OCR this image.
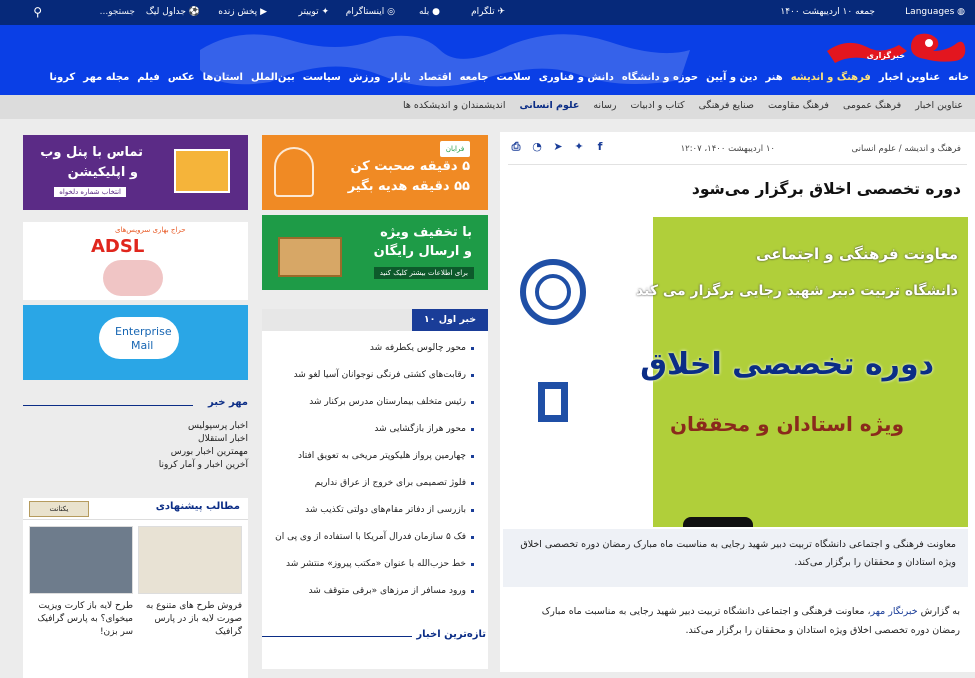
◍ Languages
جمعه ۱۰ اردیبهشت ۱۴۰۰
✈ تلگرام
● بله
◎ اینستاگرام
✦ توییتر
▶ پخش زنده
⚽ جداول لیگ
جستجو...
⚲
خبرگزاری
خانهعناوین اخبارفرهنگ و اندیشههنردین و آیینحوزه و دانشگاهدانش و فناوریسلامتجامعهاقتصادبازارورزشسیاستبین‌المللاستان‌هاعکسفیلممجله مهرکرونا
عناوین اخبارفرهنگ عمومیفرهنگ مقاومتصنایع فرهنگیکتاب و ادبیاترسانهعلوم انسانیاندیشمندان و اندیشکده ها
فرهنگ و اندیشه / علوم انسانی
۱۰ اردیبهشت ۱۴۰۰، ۱۲:۰۷
⎙ ◔ ➤ ✦	f
دوره تخصصی اخلاق برگزار می‌شود
معاونت فرهنگی و اجتماعی
دانشگاه تربیت دبیر شهید رجایی برگزار می کند
دوره تخصصی اخلاق
ویژه استادان و محققان
معاونت فرهنگی و اجتماعی دانشگاه تربیت دبیر شهید رجایی به مناسبت ماه مبارک رمضان دوره تخصصی اخلاق ویژه استادان و محققان را برگزار می‌کند.
به گزارش خبرنگار مهر، معاونت فرهنگی و اجتماعی دانشگاه تربیت دبیر شهید رجایی به مناسبت ماه مبارک رمضان دوره تخصصی اخلاق ویژه استادان و محققان را برگزار می‌کند.
فرابان
۵ دقیقه صحبت کن
۵۵ دقیقه هدیه بگیر
با تخفیف ویژه
و ارسال رایگان
برای اطلاعات بیشتر کلیک کنید
۱۰ خبر اول
محور چالوس یکطرفه شد
رقابت‌های کشتی فرنگی نوجوانان آسیا لغو شد
رئیس متخلف بیمارستان مدرس برکنار شد
محور هراز بازگشایی شد
چهارمین پرواز هلیکوپتر مریخی به تعویق افتاد
فلوژ تصمیمی برای خروج از عراق نداریم
بازرسی از دفاتر مقام‌های دولتی تکذیب شد
فک ۵ سازمان فدرال آمریکا با استفاده از وی پی ان
خط حزب‌الله با عنوان «مکتب پیروز» منتشر شد
ورود مسافر از مرزهای «برقی متوقف شد
تازه‌ترین اخبار
تماس با پنل وب
و اپلیکیشن
انتخاب شماره دلخواه
حراج بهاری سرویس‌های
ADSL
Enterprise
Mail
مهر خبر
اخبار پرسپولیس
اخبار استقلال
مهمترین اخبار بورس
آخرین اخبار و آمار کرونا
مطالب پیشنهادی
یکتانت
فروش طرح های متنوع به صورت لایه باز در پارس گرافیک
طرح لایه باز کارت ویزیت میخوای؟ به پارس گرافیک سر بزن!
